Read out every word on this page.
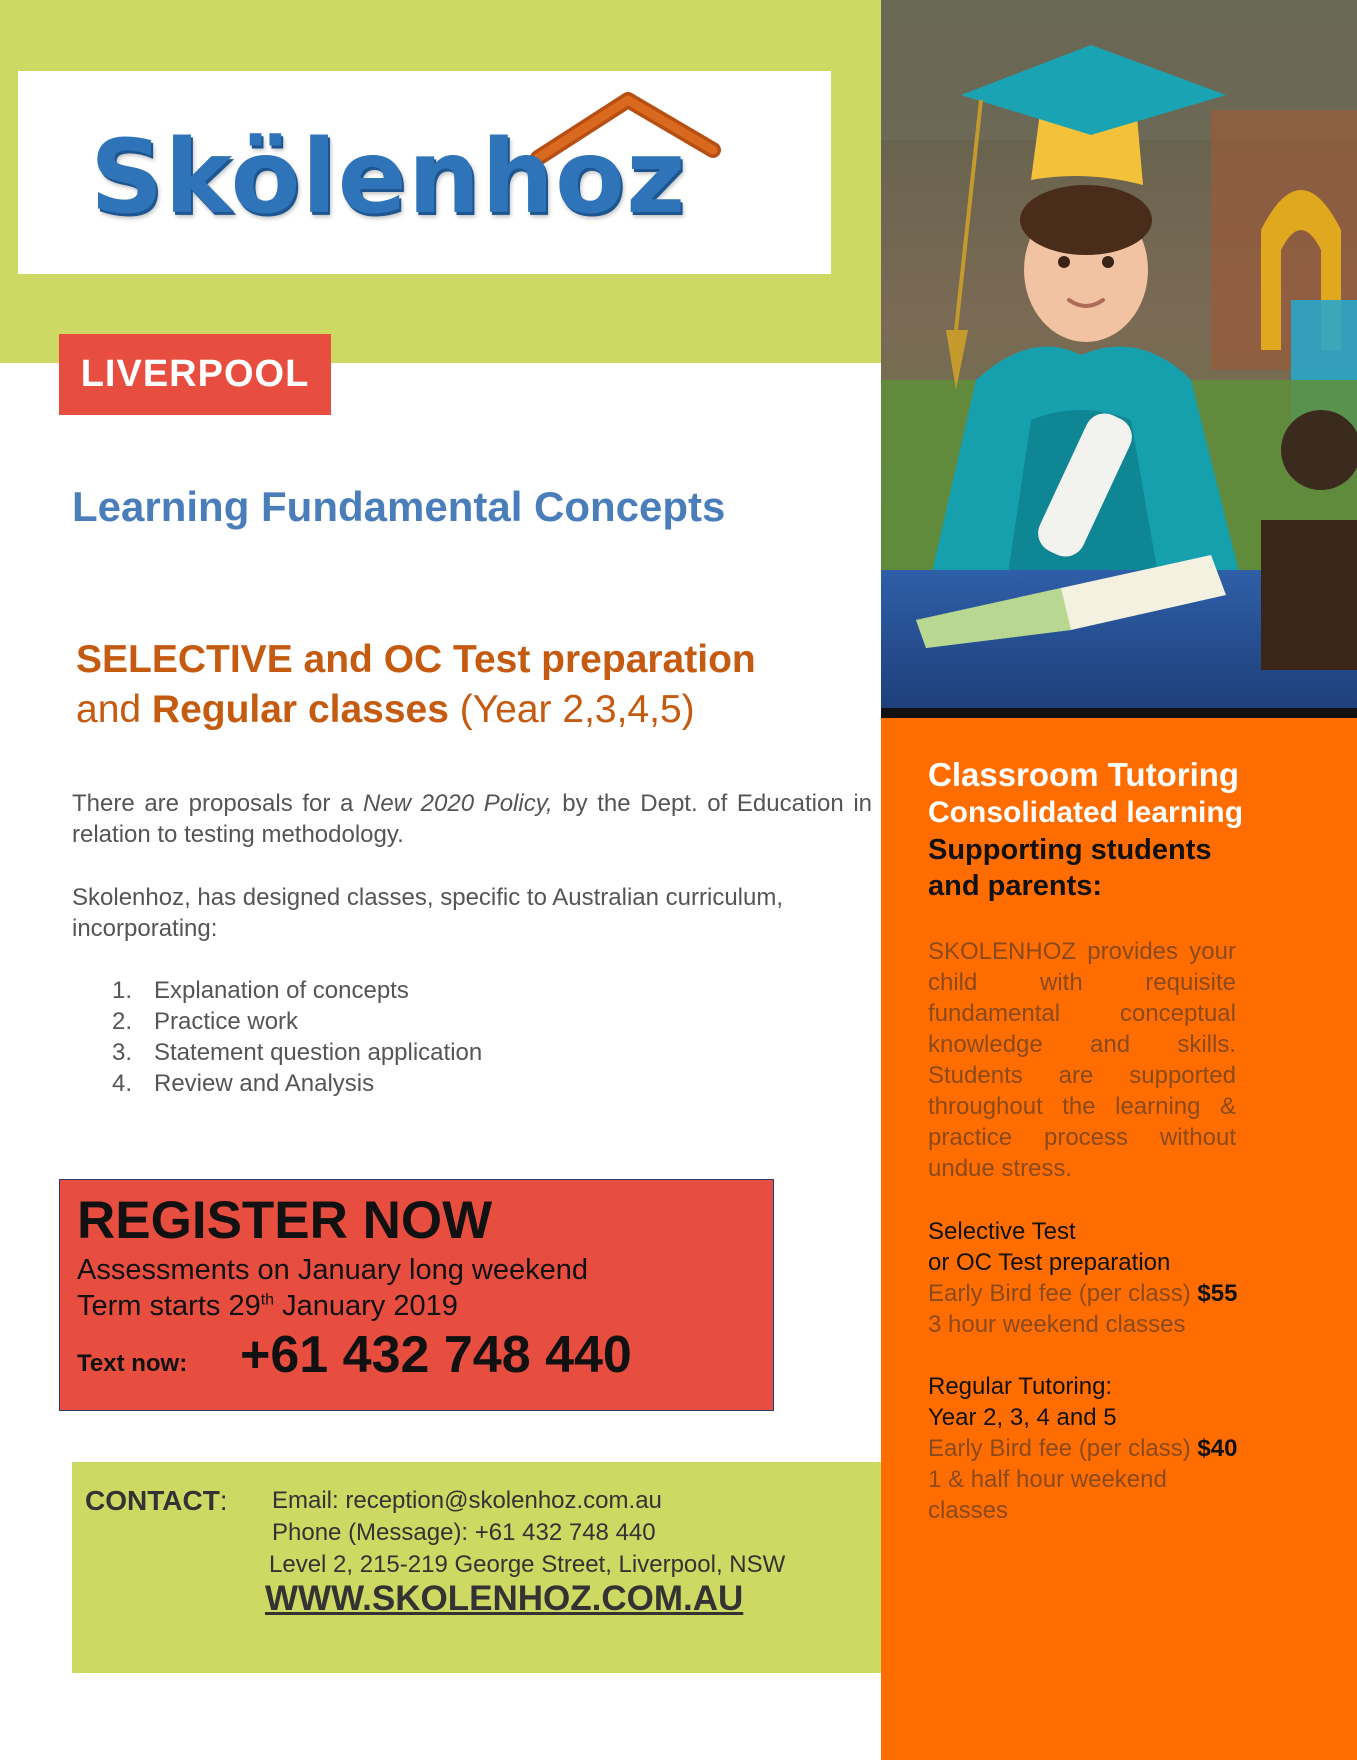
Skölenhoz
LIVERPOOL
Learning Fundamental Concepts
SELECTIVE and OC Test preparation
and Regular classes (Year 2,3,4,5)
There are proposals for a New 2020 Policy, by the Dept. of Education in relation to testing methodology.
Skolenhoz, has designed classes, specific to Australian curriculum, incorporating:
1. Explanation of concepts
2. Practice work
3. Statement question application
4. Review and Analysis
REGISTER NOW
Assessments on January long weekend
Term starts 29th January 2019
Text now: +61 432 748 440
CONTACT: Email: reception@skolenhoz.com.au
Phone (Message): +61 432 748 440
Level 2, 215-219 George Street, Liverpool, NSW
WWW.SKOLENHOZ.COM.AU
Classroom Tutoring
Consolidated learning
Supporting students
and parents:
SKOLENHOZ provides your child with requisite fundamental conceptual knowledge and skills. Students are supported throughout the learning & practice process without undue stress.
Selective Test
or OC Test preparation
Early Bird fee (per class) $55
3 hour weekend classes
Regular Tutoring:
Year 2, 3, 4 and 5
Early Bird fee (per class) $40
1 & half hour weekend classes
